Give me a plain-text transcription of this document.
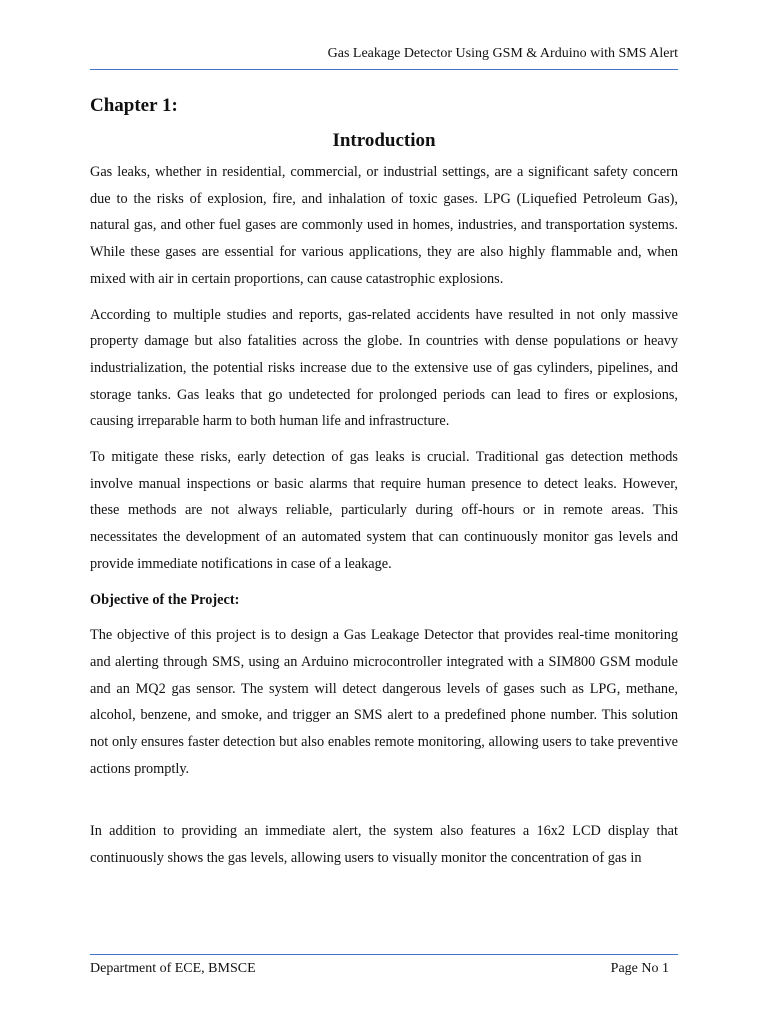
Gas Leakage Detector Using GSM & Arduino with SMS Alert
Chapter 1:
Introduction

Gas leaks, whether in residential, commercial, or industrial settings, are a significant safety concern due to the risks of explosion, fire, and inhalation of toxic gases. LPG (Liquefied Petroleum Gas), natural gas, and other fuel gases are commonly used in homes, industries, and transportation systems. While these gases are essential for various applications, they are also highly flammable and, when mixed with air in certain proportions, can cause catastrophic explosions.

According to multiple studies and reports, gas-related accidents have resulted in not only massive property damage but also fatalities across the globe. In countries with dense populations or heavy industrialization, the potential risks increase due to the extensive use of gas cylinders, pipelines, and storage tanks. Gas leaks that go undetected for prolonged periods can lead to fires or explosions, causing irreparable harm to both human life and infrastructure.

To mitigate these risks, early detection of gas leaks is crucial. Traditional gas detection methods involve manual inspections or basic alarms that require human presence to detect leaks. However, these methods are not always reliable, particularly during off-hours or in remote areas. This necessitates the development of an automated system that can continuously monitor gas levels and provide immediate notifications in case of a leakage.

Objective of the Project:

The objective of this project is to design a Gas Leakage Detector that provides real-time monitoring and alerting through SMS, using an Arduino microcontroller integrated with a SIM800 GSM module and an MQ2 gas sensor. The system will detect dangerous levels of gases such as LPG, methane, alcohol, benzene, and smoke, and trigger an SMS alert to a predefined phone number. This solution not only ensures faster detection but also enables remote monitoring, allowing users to take preventive actions promptly.

In addition to providing an immediate alert, the system also features a 16x2 LCD display that continuously shows the gas levels, allowing users to visually monitor the concentration of gas in

Department of ECE, BMSCE	Page No 1
